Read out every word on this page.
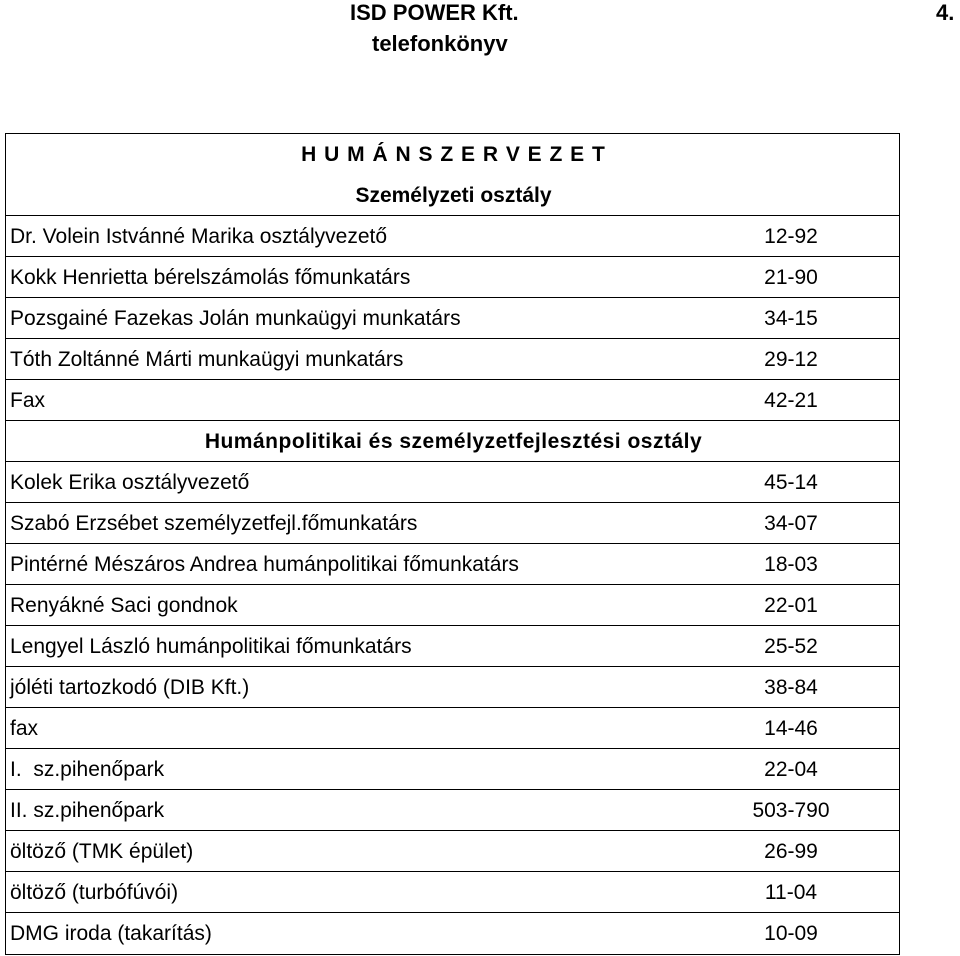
ISD POWER Kft.
telefonkönyv
4.
H U M Á N S Z E R V E Z E T
Személyzeti osztály
Dr. Volein Istvánné Marika osztályvezető	12-92
Kokk Henrietta bérelszámolás főmunkatárs	21-90
Pozsgainé Fazekas Jolán munkaügyi munkatárs	34-15
Tóth Zoltánné Márti munkaügyi munkatárs	29-12
Fax	42-21
Humánpolitikai és személyzetfejlesztési osztály
Kolek Erika osztályvezető	45-14
Szabó Erzsébet személyzetfejl.főmunkatárs	34-07
Pintérné Mészáros Andrea humánpolitikai főmunkatárs	18-03
Renyákné Saci gondnok	22-01
Lengyel László humánpolitikai főmunkatárs	25-52
jóléti tartozkodó (DIB Kft.)	38-84
fax	14-46
I.  sz.pihenőpark	22-04
II. sz.pihenőpark	503-790
öltöző (TMK épület)	26-99
öltöző (turbófúvói)	11-04
DMG iroda (takarítás)	10-09
